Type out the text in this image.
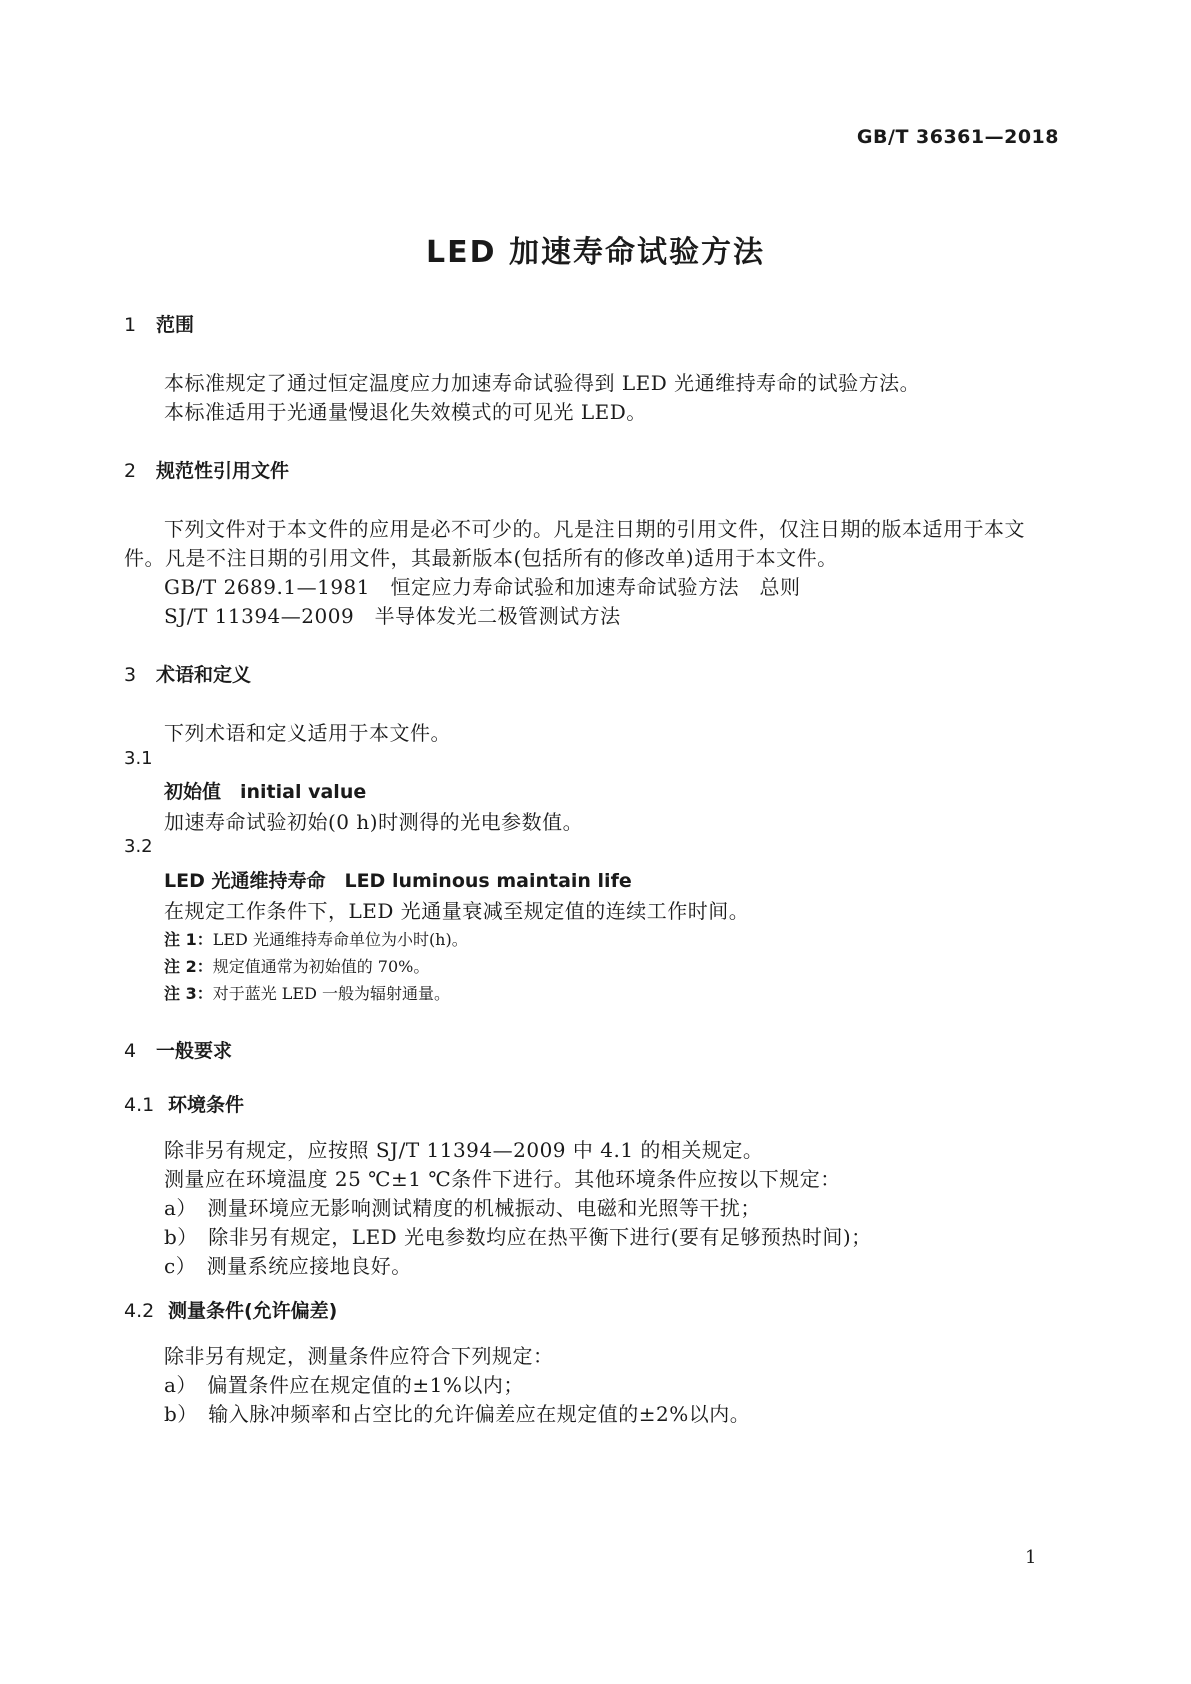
GB/T 36361—2018
LED 加速寿命试验方法
1 范围
本标准规定了通过恒定温度应力加速寿命试验得到 LED 光通维持寿命的试验方法。
本标准适用于光通量慢退化失效模式的可见光 LED。
2 规范性引用文件
下列文件对于本文件的应用是必不可少的。凡是注日期的引用文件，仅注日期的版本适用于本文
件。凡是不注日期的引用文件，其最新版本(包括所有的修改单)适用于本文件。
GB/T 2689.1—1981　恒定应力寿命试验和加速寿命试验方法　总则
SJ/T 11394—2009　半导体发光二极管测试方法
3 术语和定义
下列术语和定义适用于本文件。
3.1
初始值　initial value
加速寿命试验初始(0 h)时测得的光电参数值。
3.2
LED 光通维持寿命　LED luminous maintain life
在规定工作条件下，LED 光通量衰减至规定值的连续工作时间。
注 1：LED 光通维持寿命单位为小时(h)。
注 2：规定值通常为初始值的 70%。
注 3：对于蓝光 LED 一般为辐射通量。
4 一般要求
4.1 环境条件
除非另有规定，应按照 SJ/T 11394—2009 中 4.1 的相关规定。
测量应在环境温度 25 ℃±1 ℃条件下进行。其他环境条件应按以下规定：
a）　测量环境应无影响测试精度的机械振动、电磁和光照等干扰；
b）　除非另有规定，LED 光电参数均应在热平衡下进行(要有足够预热时间)；
c）　测量系统应接地良好。
4.2 测量条件(允许偏差)
除非另有规定，测量条件应符合下列规定：
a）　偏置条件应在规定值的±1%以内；
b）　输入脉冲频率和占空比的允许偏差应在规定值的±2%以内。
1
